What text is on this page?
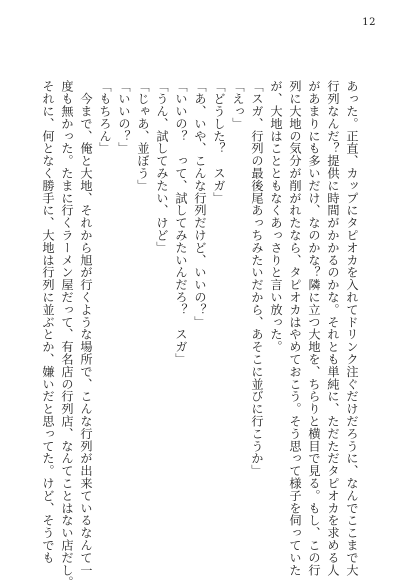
12
あった。正直、カップにタピオカを入れてドリンク注ぐだけだろうに、なんでここまで大
行列なんだ？提供に時間がかかるのかな。それとも単純に、ただただタピオカを求める人
があまりにも多いだけ、なのかな？隣に立つ大地を、ちらりと横目で見る。もし、この行
列に大地の気分が削がれたなら、タピオカはやめておこう。そう思って様子を伺っていた
が、大地はことともなくあっさりと言い放った。
「スガ、行列の最後尾あっちみたいだから、あそこに並びに行こうか」
「えっ」
「どうした？　スガ」
「あ、いや、こんな行列だけど、いいの？」
「いいの？　って、試してみたいんだろ？　スガ」
「うん、試してみたい、けど」
「じゃあ、並ぼう」
「いいの？」
「もちろん」
　今まで、俺と大地、それから旭が行くような場所で、こんな行列が出来ているなんて一
度も無かった。たまに行くラーメン屋だって、有名店の行列店、なんてことはない店だし。
それに、何となく勝手に、大地は行列に並ぶとか、嫌いだと思ってた。けど、そうでも
